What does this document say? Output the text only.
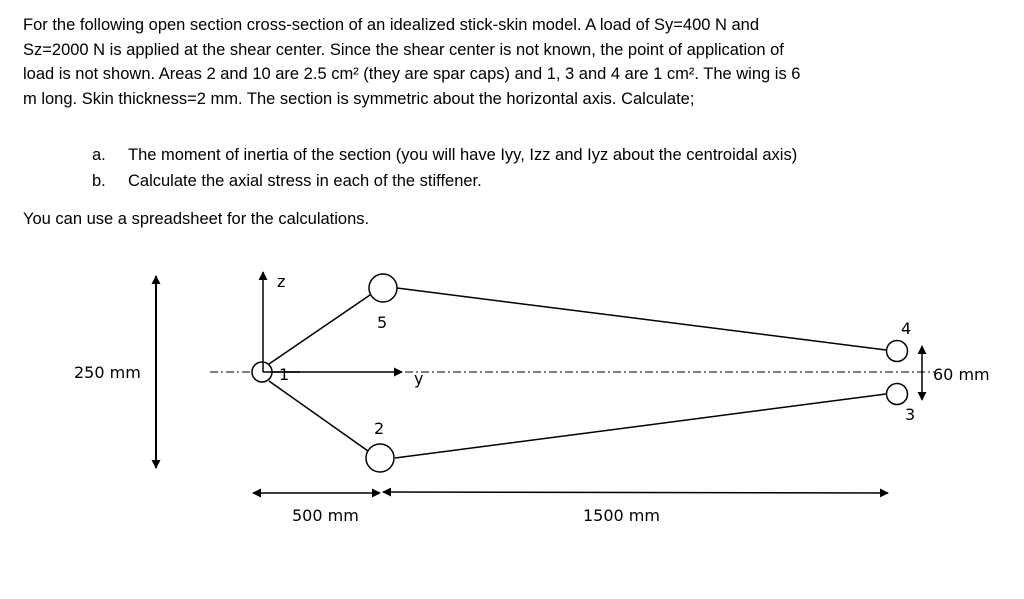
For the following open section cross-section of an idealized stick-skin model. A load of Sy=400 N and
Sz=2000 N is applied at the shear center. Since the shear center is not known, the point of application of
load is not shown. Areas 2 and 10 are 2.5 cm² (they are spar caps) and 1, 3 and 4 are 1 cm². The wing is 6
m long. Skin thickness=2 mm. The section is symmetric about the horizontal axis. Calculate;
a. The moment of inertia of the section (you will have Iyy, Izz and Iyz about the centroidal axis)
b. Calculate the axial stress in each of the stiffener.
You can use a spreadsheet for the calculations.
250 mm
z
y
1
5
2
4
3
60 mm
500 mm	1500 mm
